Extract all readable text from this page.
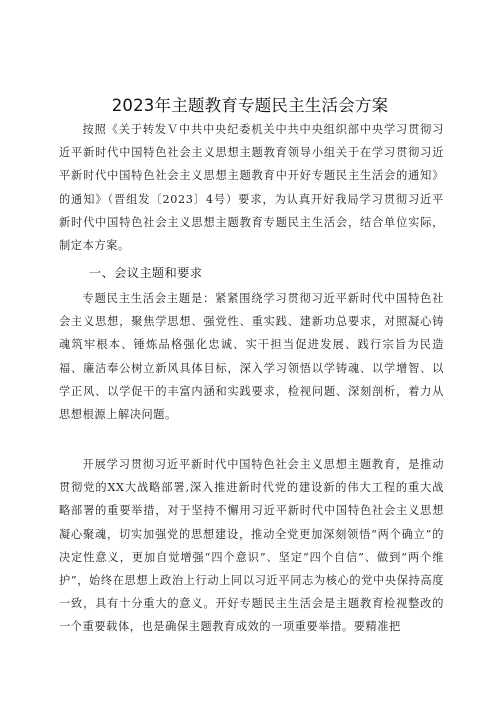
2023年主题教育专题民主生活会方案

按照《关于转发Ｖ中共中央纪委机关中共中央组织部中央学习贯彻习近平新时代中国特色社会主义思想主题教育领导小组关于在学习贯彻习近平新时代中国特色社会主义思想主题教育中开好专题民主生活会的通知》的通知》（晋组发〔2023〕4号）要求，为认真开好我局学习贯彻习近平新时代中国特色社会主义思想主题教育专题民主生活会，结合单位实际，制定本方案。

一、会议主题和要求

专题民主生活会主题是：紧紧围绕学习贯彻习近平新时代中国特色社会主义思想，聚焦学思想、强党性、重实践、建新功总要求，对照凝心铸魂筑牢根本、锤炼品格强化忠诚、实干担当促进发展、践行宗旨为民造福、廉洁奉公树立新风具体目标，深入学习领悟以学铸魂、以学增智、以学正风、以学促干的丰富内涵和实践要求，检视问题、深刻剖析，着力从思想根源上解决问题。

开展学习贯彻习近平新时代中国特色社会主义思想主题教育，是推动贯彻党的XX大战略部署,深入推进新时代党的建设新的伟大工程的重大战略部署的重要举措，对于坚持不懈用习近平新时代中国特色社会主义思想凝心聚魂，切实加强党的思想建设，推动全党更加深刻领悟“两个确立”的决定性意义，更加自觉增强“四个意识”、坚定“四个自信”、做到“两个维护”，始终在思想上政治上行动上同以习近平同志为核心的党中央保持高度一致，具有十分重大的意义。开好专题民主生活会是主题教育检视整改的一个重要载体，也是确保主题教育成效的一项重要举措。要精准把
